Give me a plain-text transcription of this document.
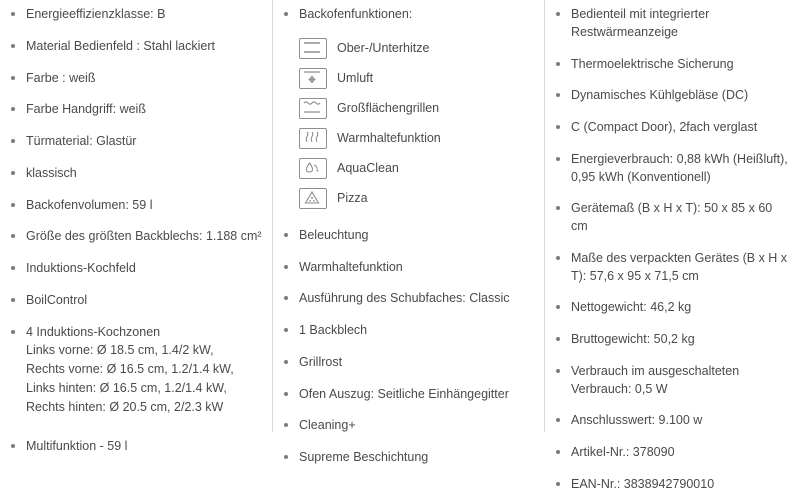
Energieeffizienzklasse: B
Material Bedienfeld : Stahl lackiert
Farbe : weiß
Farbe Handgriff: weiß
Türmaterial: Glastür
klassisch
Backofenvolumen: 59 l
Größe des größten Backblechs: 1.188 cm²
Induktions-Kochfeld
BoilControl
4 Induktions-Kochzonen
Links vorne: Ø 18.5 cm, 1.4/2 kW,
Rechts vorne: Ø 16.5 cm, 1.2/1.4 kW,
Links hinten: Ø 16.5 cm, 1.2/1.4 kW,
Rechts hinten: Ø 20.5 cm, 2/2.3 kW
Multifunktion - 59 l
Backofenfunktionen:
Ober-/Unterhitze
Umluft
Großflächengrillen
Warmhaltefunktion
AquaClean
Pizza
Beleuchtung
Warmhaltefunktion
Ausführung des Schubfaches: Classic
1 Backblech
Grillrost
Ofen Auszug: Seitliche Einhängegitter
Cleaning+
Supreme Beschichtung
Bedienteil mit integrierter Restwärmeanzeige
Thermoelektrische Sicherung
Dynamisches Kühlgebläse (DC)
C (Compact Door), 2fach verglast
Energieverbrauch: 0,88 kWh (Heißluft), 0,95 kWh (Konventionell)
Gerätemaß (B x H x T): 50 x 85 x 60 cm
Maße des verpackten Gerätes (B x H x T): 57,6 x 95 x 71,5 cm
Nettogewicht: 46,2 kg
Bruttogewicht: 50,2 kg
Verbrauch im ausgeschalteten Verbrauch: 0,5 W
Anschlusswert: 9.100 w
Artikel-Nr.: 378090
EAN-Nr.: 3838942790010
